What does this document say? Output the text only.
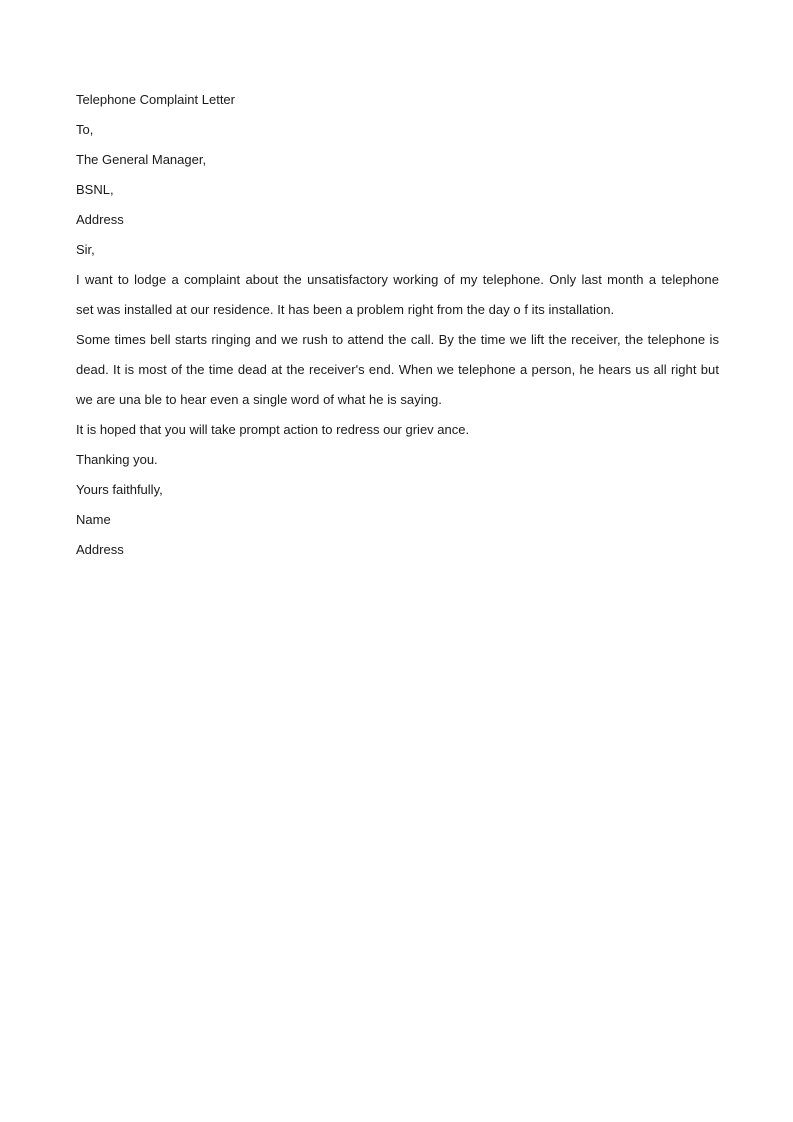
Telephone Complaint Letter
To,
The General Manager,
BSNL,
Address
Sir,
I want to lodge a complaint about the unsatisfactory working of my telephone. Only last month a telephone
set was installed at our residence. It has been a problem right from the day o f its installation.
Some times bell starts ringing and we rush to attend the call. By the time we lift the receiver, the telephone is
dead. It is most of the time dead at the receiver's end. When we telephone a person, he hears us all right but
we are una ble to hear even a single word of what he is saying.
It is hoped that you will take prompt action to redress our griev ance.
Thanking you.
Yours faithfully,
Name
Address
